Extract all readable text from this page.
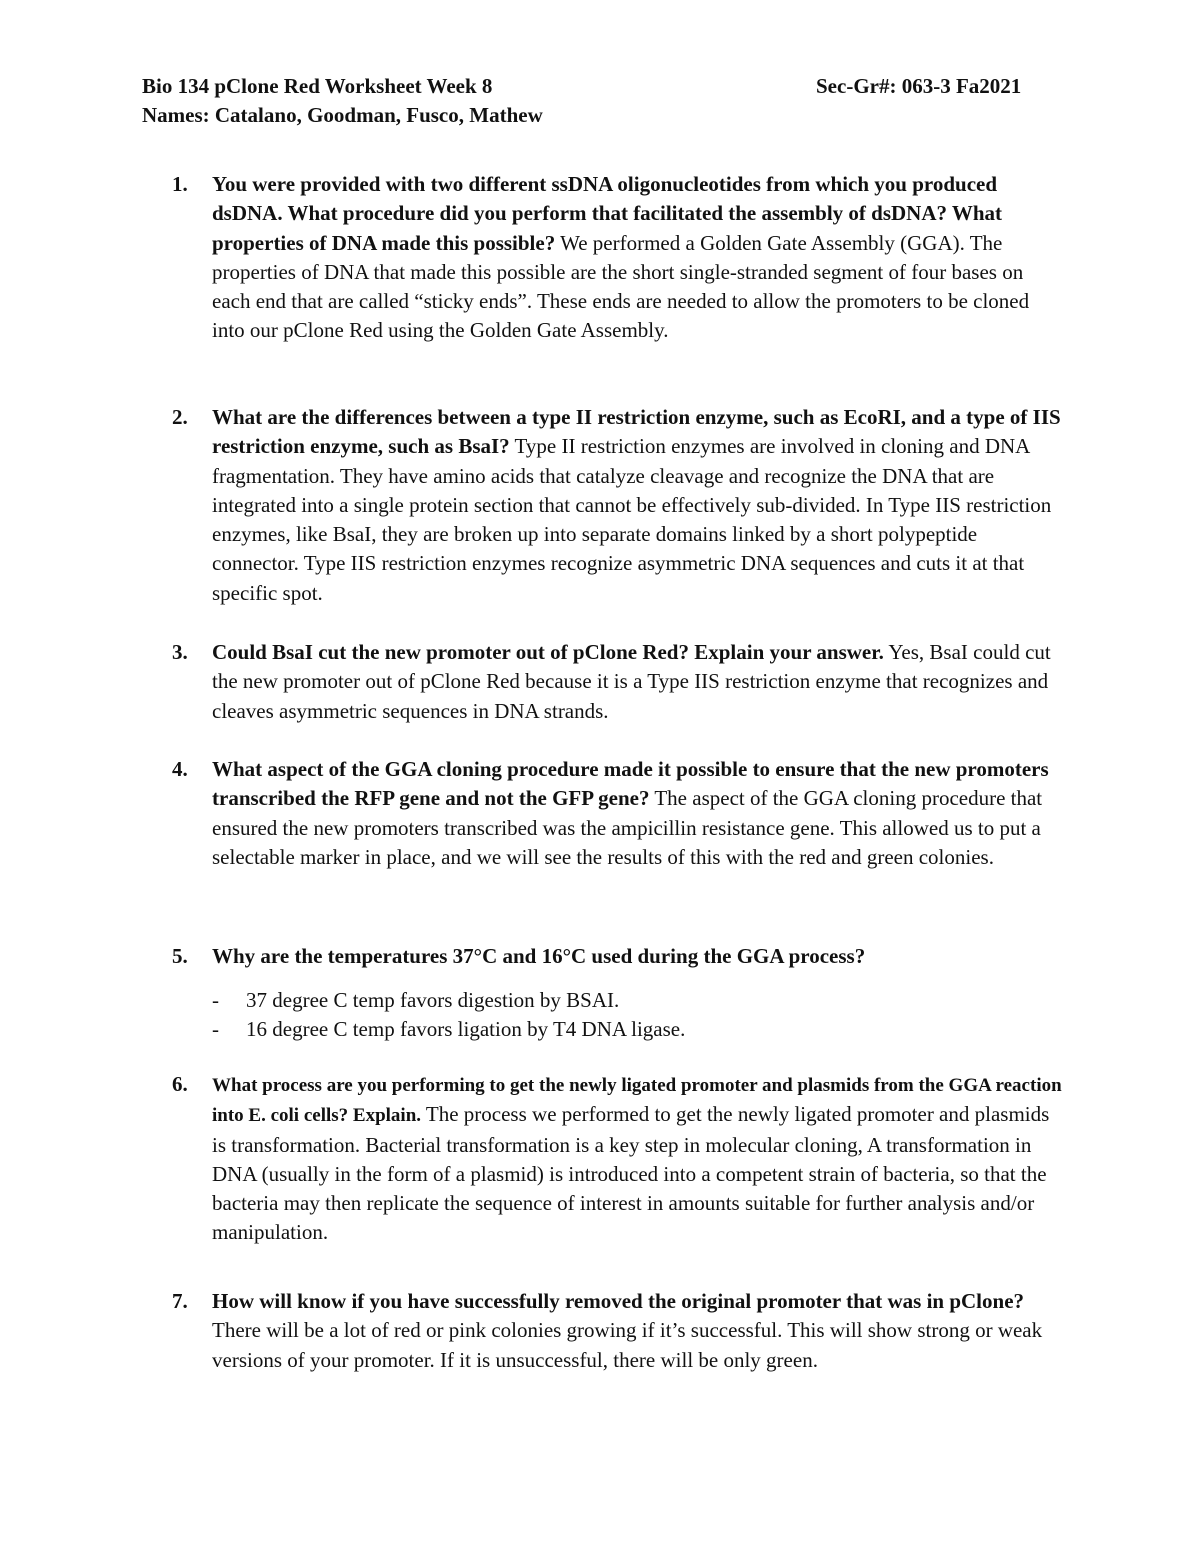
Bio 134 pClone Red Worksheet Week 8	Sec-Gr#: 063-3 Fa2021
Names: Catalano, Goodman, Fusco, Mathew
1. You were provided with two different ssDNA oligonucleotides from which you produced dsDNA. What procedure did you perform that facilitated the assembly of dsDNA? What properties of DNA made this possible? We performed a Golden Gate Assembly (GGA). The properties of DNA that made this possible are the short single-stranded segment of four bases on each end that are called “sticky ends”. These ends are needed to allow the promoters to be cloned into our pClone Red using the Golden Gate Assembly.
2. What are the differences between a type II restriction enzyme, such as EcoRI, and a type of IIS restriction enzyme, such as BsaI? Type II restriction enzymes are involved in cloning and DNA fragmentation. They have amino acids that catalyze cleavage and recognize the DNA that are integrated into a single protein section that cannot be effectively sub-divided. In Type IIS restriction enzymes, like BsaI, they are broken up into separate domains linked by a short polypeptide connector. Type IIS restriction enzymes recognize asymmetric DNA sequences and cuts it at that specific spot.
3. Could BsaI cut the new promoter out of pClone Red? Explain your answer. Yes, BsaI could cut the new promoter out of pClone Red because it is a Type IIS restriction enzyme that recognizes and cleaves asymmetric sequences in DNA strands.
4. What aspect of the GGA cloning procedure made it possible to ensure that the new promoters transcribed the RFP gene and not the GFP gene? The aspect of the GGA cloning procedure that ensured the new promoters transcribed was the ampicillin resistance gene. This allowed us to put a selectable marker in place, and we will see the results of this with the red and green colonies.
5. Why are the temperatures 37°C and 16°C used during the GGA process?
- 37 degree C temp favors digestion by BSAI.
- 16 degree C temp favors ligation by T4 DNA ligase.
6. What process are you performing to get the newly ligated promoter and plasmids from the GGA reaction into E. coli cells? Explain. The process we performed to get the newly ligated promoter and plasmids is transformation. Bacterial transformation is a key step in molecular cloning, A transformation in DNA (usually in the form of a plasmid) is introduced into a competent strain of bacteria, so that the bacteria may then replicate the sequence of interest in amounts suitable for further analysis and/or manipulation.
7. How will know if you have successfully removed the original promoter that was in pClone? There will be a lot of red or pink colonies growing if it’s successful. This will show strong or weak versions of your promoter. If it is unsuccessful, there will be only green.
